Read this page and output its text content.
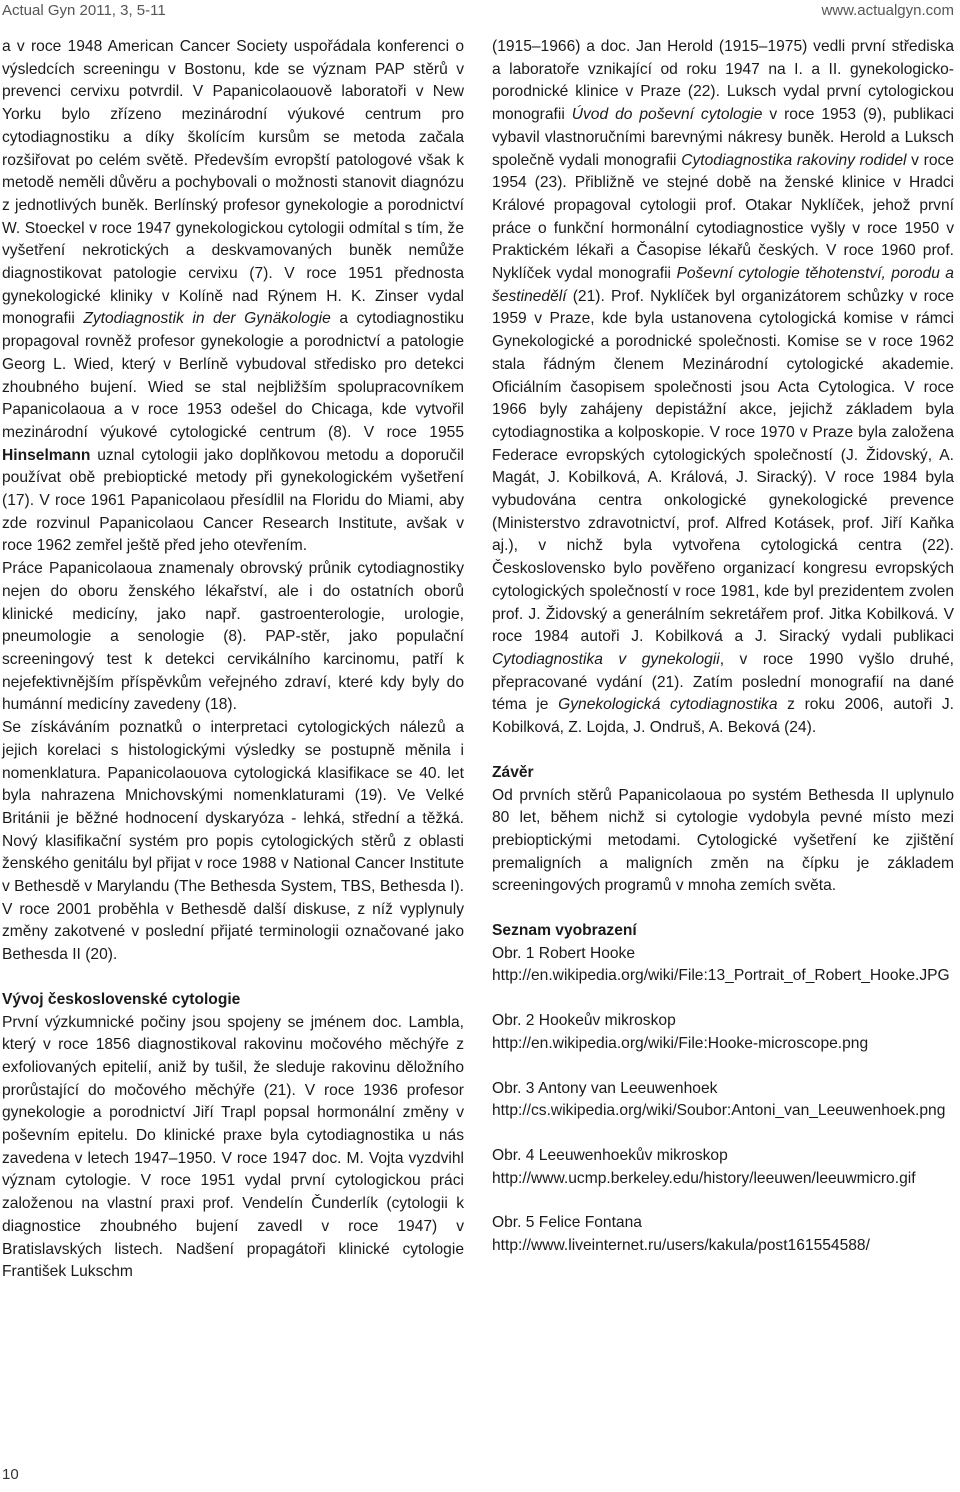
Actual Gyn 2011, 3, 5-11	www.actualgyn.com

a v roce 1948 American Cancer Society uspořádala konferenci o výsledcích screeningu v Bostonu, kde se význam PAP stěrů v prevenci cervixu potvrdil. V Papanicolaouově laboratoři v New Yorku bylo zřízeno mezinárodní výukové centrum pro cytodiagnostiku a díky školícím kursům se metoda začala rozšiřovat po celém světě. Především evropští patologové však k metodě neměli důvěru a pochybovali o možnosti stanovit diagnózu z jednotlivých buněk. Berlínský profesor gynekologie a porodnictví W. Stoeckel v roce 1947 gynekologickou cytologii odmítal s tím, že vyšetření nekrotických a deskvamovaných buněk nemůže diagnostikovat patologie cervixu (7). V roce 1951 přednosta gynekologické kliniky v Kolíně nad Rýnem H. K. Zinser vydal monografii Zytodiagnostik in der Gynäkologie a cytodiagnostiku propagoval rovněž profesor gynekologie a porodnictví a patologie Georg L. Wied, který v Berlíně vybudoval středisko pro detekci zhoubného bujení. Wied se stal nejbližším spolupracovníkem Papanicolaoua a v roce 1953 odešel do Chicaga, kde vytvořil mezinárodní výukové cytologické centrum (8). V roce 1955 Hinselmann uznal cytologii jako doplňkovou metodu a doporučil používat obě prebioptické metody při gynekologickém vyšetření (17). V roce 1961 Papanicolaou přesídlil na Floridu do Miami, aby zde rozvinul Papanicolaou Cancer Research Institute, avšak v roce 1962 zemřel ještě před jeho otevřením.

Práce Papanicolaoua znamenaly obrovský průnik cytodiagnostiky nejen do oboru ženského lékařství, ale i do ostatních oborů klinické medicíny, jako např. gastroenterologie, urologie, pneumologie a senologie (8). PAP-stěr, jako populační screeningový test k detekci cervikálního karcinomu, patří k nejefektivnějším příspěvkům veřejného zdraví, které kdy byly do humánní medicíny zavedeny (18).

Se získáváním poznatků o interpretaci cytologických nálezů a jejich korelaci s histologickými výsledky se postupně měnila i nomenklatura. Papanicolaouova cytologická klasifikace se 40. let byla nahrazena Mnichovskými nomenklaturami (19). Ve Velké Británii je běžné hodnocení dyskaryóza - lehká, střední a těžká. Nový klasifikační systém pro popis cytologických stěrů z oblasti ženského genitálu byl přijat v roce 1988 v National Cancer Institute v Bethesdě v Marylandu (The Bethesda System, TBS, Bethesda I). V roce 2001 proběhla v Bethesdě další diskuse, z níž vyplynuly změny zakotvené v poslední přijaté terminologii označované jako Bethesda II (20).

Vývoj československé cytologie

První výzkumnické počiny jsou spojeny se jménem doc. Lambla, který v roce 1856 diagnostikoval rakovinu močového měchýře z exfoliovaných epitelií, aniž by tušil, že sleduje rakovinu děložního prorůstající do močového měchýře (21). V roce 1936 profesor gynekologie a porodnictví Jiří Trapl popsal hormonální změny v poševním epitelu. Do klinické praxe byla cytodiagnostika u nás zavedena v letech 1947–1950. V roce 1947 doc. M. Vojta vyzdvihl význam cytologie. V roce 1951 vydal první cytologickou práci založenou na vlastní praxi prof. Vendelín Čunderlík (cytologii k diagnostice zhoubného bujení zavedl v roce 1947) v Bratislavských listech. Nadšení propagátoři klinické cytologie František Lukschm

(1915–1966) a doc. Jan Herold (1915–1975) vedli první střediska a laboratoře vznikající od roku 1947 na I. a II. gynekologicko-porodnické klinice v Praze (22). Luksch vydal první cytologickou monografii Úvod do poševní cytologie v roce 1953 (9), publikaci vybavil vlastnoručními barevnými nákresy buněk. Herold a Luksch společně vydali monografii Cytodiagnostika rakoviny rodidel v roce 1954 (23). Přibližně ve stejné době na ženské klinice v Hradci Králové propagoval cytologii prof. Otakar Nyklíček, jehož první práce o funkční hormonální cytodiagnostice vyšly v roce 1950 v Praktickém lékaři a Časopise lékařů českých. V roce 1960 prof. Nyklíček vydal monografii Poševní cytologie těhotenství, porodu a šestinedělí (21). Prof. Nyklíček byl organizátorem schůzky v roce 1959 v Praze, kde byla ustanovena cytologická komise v rámci Gynekologické a porodnické společnosti. Komise se v roce 1962 stala řádným členem Mezinárodní cytologické akademie. Oficiálním časopisem společnosti jsou Acta Cytologica. V roce 1966 byly zahájeny depistážní akce, jejichž základem byla cytodiagnostika a kolposkopie. V roce 1970 v Praze byla založena Federace evropských cytologických společností (J. Židovský, A. Magát, J. Kobilková, A. Králová, J. Siracký). V roce 1984 byla vybudována centra onkologické gynekologické prevence (Ministerstvo zdravotnictví, prof. Alfred Kotásek, prof. Jiří Kaňka aj.), v nichž byla vytvořena cytologická centra (22). Československo bylo pověřeno organizací kongresu evropských cytologických společností v roce 1981, kde byl prezidentem zvolen prof. J. Židovský a generálním sekretářem prof. Jitka Kobilková. V roce 1984 autoři J. Kobilková a J. Siracký vydali publikaci Cytodiagnostika v gynekologii, v roce 1990 vyšlo druhé, přepracované vydání (21). Zatím poslední monografií na dané téma je Gynekologická cytodiagnostika z roku 2006, autoři J. Kobilková, Z. Lojda, J. Ondruš, A. Beková (24).

Závěr

Od prvních stěrů Papanicolaoua po systém Bethesda II uplynulo 80 let, během nichž si cytologie vydobyla pevné místo mezi prebioptickými metodami. Cytologické vyšetření ke zjištění premaligních a maligních změn na čípku je základem screeningových programů v mnoha zemích světa.

Seznam vyobrazení

Obr. 1 Robert Hooke

http://en.wikipedia.org/wiki/File:13_Portrait_of_Robert_Hooke.JPG

Obr. 2 Hookeův mikroskop

http://en.wikipedia.org/wiki/File:Hooke-microscope.png

Obr. 3 Antony van Leeuwenhoek

http://cs.wikipedia.org/wiki/Soubor:Antoni_van_Leeuwenhoek.png

Obr. 4 Leeuwenhoekův mikroskop

http://www.ucmp.berkeley.edu/history/leeuwen/leeuwmicro.gif

Obr. 5 Felice Fontana

http://www.liveinternet.ru/users/kakula/post161554588/

10
